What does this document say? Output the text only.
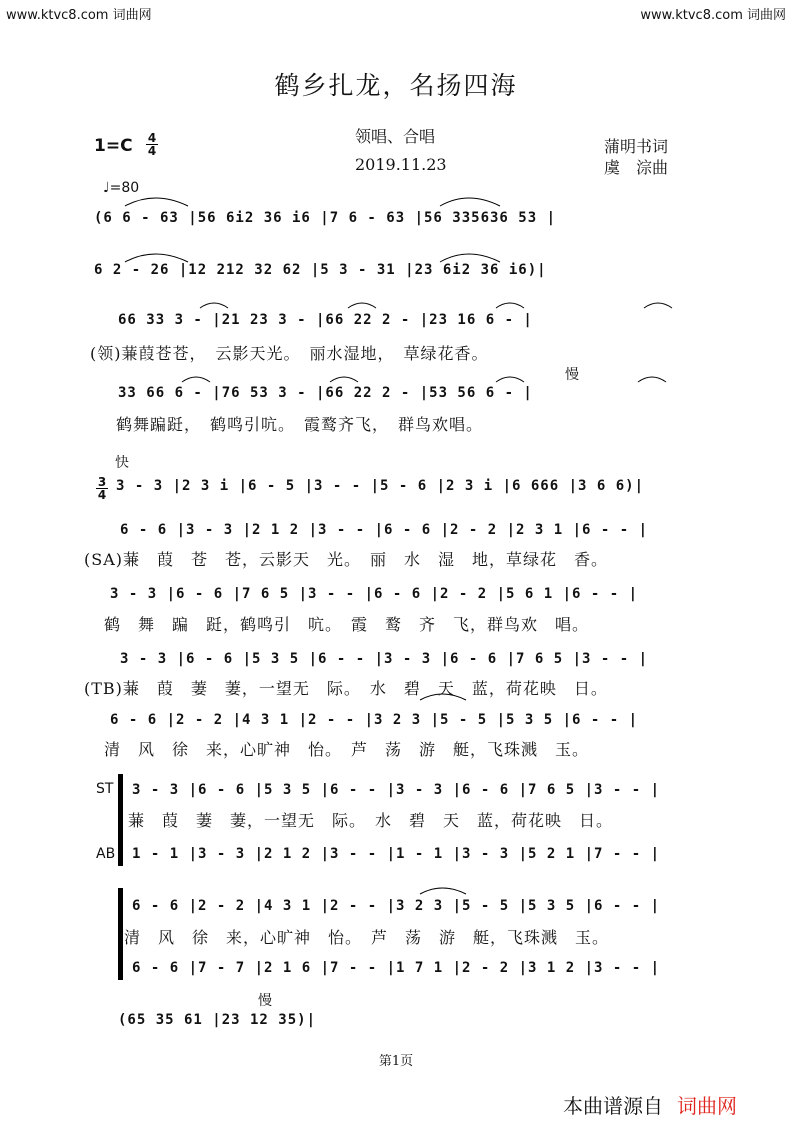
www.ktvc8.com 词曲网	www.ktvc8.com 词曲网
鹤乡扎龙，名扬四海
1=C 4
4
领唱、合唱
2019.11.23
蒲明书词
虞　淙曲
♩=80
(6 6 - 63 |56 6i2 36 i6 |7 6 - 63 |56 335636 53 |
6 2 - 26 |12 212 32 62 |5 3 - 31 |23 6i2 36 i6)|
66 33 3 - |21 23 3 - |66 22 2 - |23 16 6 - |
(领)蒹葭苍苍，　云影天光。　丽水湿地，　草绿花香。
慢
33 66 6 - |76 53 3 - |66 22 2 - |53 56 6 - |
鹤舞蹁跹，　鹤鸣引吭。　霞鹜齐飞，　群鸟欢唱。
快
3
4
3 - 3 |2 3 i |6 - 5 |3 - - |5 - 6 |2 3 i |6 666 |3 6 6)|
6 - 6 |3 - 3 |2 1 2 |3 - - |6 - 6 |2 - 2 |2 3 1 |6 - - |
(SA)蒹　葭　苍　苍，云影天　光。　丽　水　湿　地，草绿花　香。
3 - 3 |6 - 6 |7 6 5 |3 - - |6 - 6 |2 - 2 |5 6 1 |6 - - |
鹤　舞　蹁　跹，鹤鸣引　吭。　霞　鹜　齐　飞，群鸟欢　唱。
3 - 3 |6 - 6 |5 3 5 |6 - - |3 - 3 |6 - 6 |7 6 5 |3 - - |
(TB)蒹　葭　萋　萋，一望无　际。　水　碧　天　蓝，荷花映　日。
6 - 6 |2 - 2 |4 3 1 |2 - - |3 2 3 |5 - 5 |5 3 5 |6 - - |
清　风　徐　来，心旷神　怡。　芦　荡　游　艇，飞珠溅　玉。
ST
AB
3 - 3 |6 - 6 |5 3 5 |6 - - |3 - 3 |6 - 6 |7 6 5 |3 - - |
蒹　葭　萋　萋，一望无　际。　水　碧　天　蓝，荷花映　日。
1 - 1 |3 - 3 |2 1 2 |3 - - |1 - 1 |3 - 3 |5 2 1 |7 - - |
6 - 6 |2 - 2 |4 3 1 |2 - - |3 2 3 |5 - 5 |5 3 5 |6 - - |
清　风　徐　来，心旷神　怡。　芦　荡　游　艇，飞珠溅　玉。
6 - 6 |7 - 7 |2 1 6 |7 - - |1 7 1 |2 - 2 |3 1 2 |3 - - |
慢
(65 35 61 |23 12 35)|
第1页
本曲谱源自 词曲网
